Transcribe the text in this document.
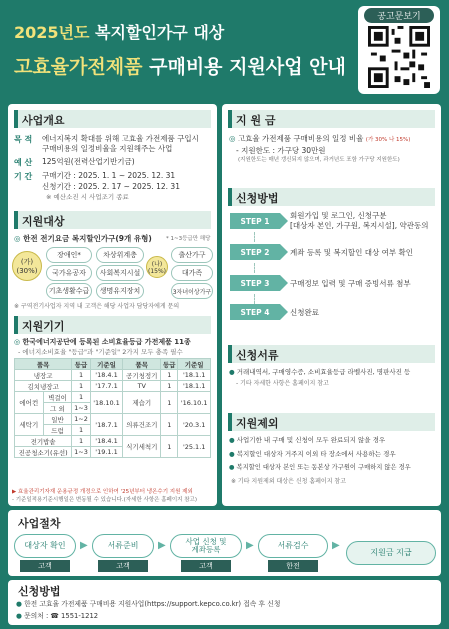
2025년도 복지할인가구 대상
고효율가전제품 구매비용 지원사업 안내
공고문보기
사업개요
목 적 에너지복지 확대를 위해 고효율 가전제품 구입시
구매비용의 일정비율을 지원해주는 사업
예 산 125억원(전력산업기반기금)
기 간 구매기간 : 2025. 1. 1 ~ 2025. 12. 31
신청기간 : 2025. 2. 17 ~ 2025. 12. 31
※ 예산소진 시 사업조기 종료
지원대상
◎ 한전 전기요금 복지할인가구(9개 유형)	* 1~3등급만 해당
(가)
(30%)
장애인*
국가유공자
기초생활수급
차상위계층
사회복지시설
생명유지장치
(나)
(15%)
출산가구
대가족
3자녀이상가구
※ 구역전기사업자 지역 내 고객은 해당 사업자 담당자에게 문의
지원기기
◎ 한국에너지공단에 등록된 소비효율등급 가전제품 11종
- 에너지소비효율 "등급"과 "기준일" 2가지 모두 충족 필수
품목		등급	기준일	품목	등급	기준일
냉장고		1	'18.4.1	공기청정기	1	'18.1.1
김치냉장고		1	'17.7.1	TV	1	'18.1.1
에어컨	벽걸이	1	'18.10.1	제습기	1	'16.10.1
	그 외	1~3				
세탁기	일반	1~2	'18.7.1	의류건조기	1	'20.3.1
	드럼	1				
전기밥솥		1	'18.4.1	식기세척기	1	'25.1.1
진공청소기(유선)		1~3	'19.1.1			
▶ 효율관리기자재 운용규정 개정으로 인하여 '25년부터 냉온수기 지원 제외
- 기준일적용기준시행일은 변동될 수 있습니다.(자세한 사항은 홈페이지 참고)
지 원 금
◎ 고효율 가전제품 구매비용의 일정 비율 (가 30% 나 15%)
- 지원한도 : 가구당 30만원
(지원한도는 매년 갱신되지 않으며, 과거년도 포함 가구당 지원한도)
신청방법
STEP 1
회원가입 및 로그인, 신청구분
[대상자 본인, 가구원, 복지시설], 약관동의
STEP 2	계좌 등록 및 복지할인 대상 여부 확인
STEP 3	구매정보 입력 및 구매 증빙서류 첨부
STEP 4	신청완료
신청서류
● 거래내역서, 구매영수증, 소비효율등급 라벨사진, 명판사진 등
- 기타 자세한 사항은 홈페이지 참고
지원제외
● 사업기한 내 구매 및 신청이 모두 완료되지 않을 경우
● 복지할인 대상자 거주지 이외 타 장소에서 사용하는 경우
● 복지할인 대상자 본인 또는 동본상 가구원이 구매하지 않은 경우
※ 기타 지원제외 대상은 신청 홈페이지 참고
사업절차
대상자 확인
고객
▶	서류준비
고객
▶	사업 신청 및
계좌등록
고객
▶	서류검수
한전
▶
지원금 지급
신청방법
● 한전 고효율 가전제품 구매비용 지원사업(https://support.kepco.co.kr) 접속 후 신청
● 문의처 : ☎ 1551-1212
